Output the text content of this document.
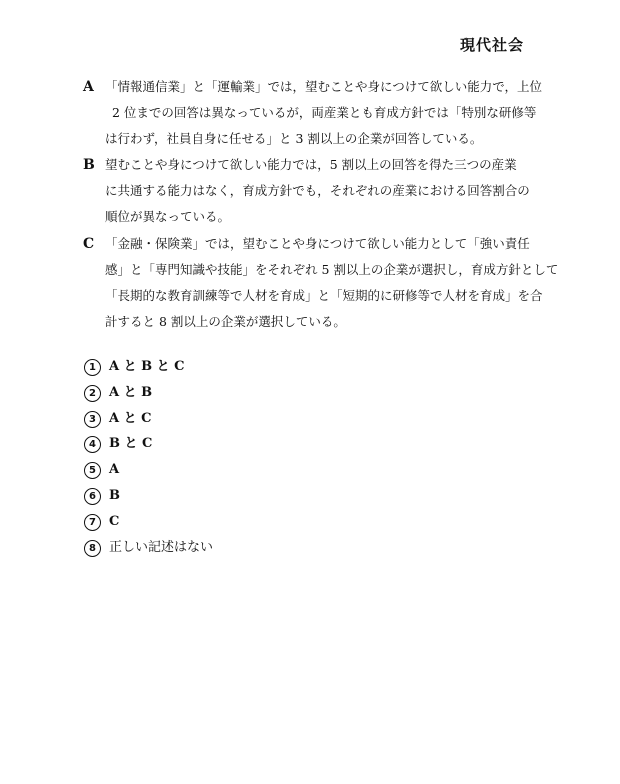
現代社会
A 「情報通信業」と「運輸業」では，望むことや身につけて欲しい能力で，上位
2 位までの回答は異なっているが，両産業とも育成方針では「特別な研修等
は行わず，社員自身に任せる」と 3 割以上の企業が回答している。
B 望むことや身につけて欲しい能力では，5 割以上の回答を得た三つの産業
に共通する能力はなく，育成方針でも，それぞれの産業における回答割合の
順位が異なっている。
C 「金融・保険業」では，望むことや身につけて欲しい能力として「強い責任
感」と「専門知識や技能」をそれぞれ 5 割以上の企業が選択し，育成方針として
「長期的な教育訓練等で人材を育成」と「短期的に研修等で人材を育成」を合
計すると 8 割以上の企業が選択している。
1	A と B と C
2	A と B
3	A と C
4	B と C
5	A
6	B
7	C
8	正しい記述はない
